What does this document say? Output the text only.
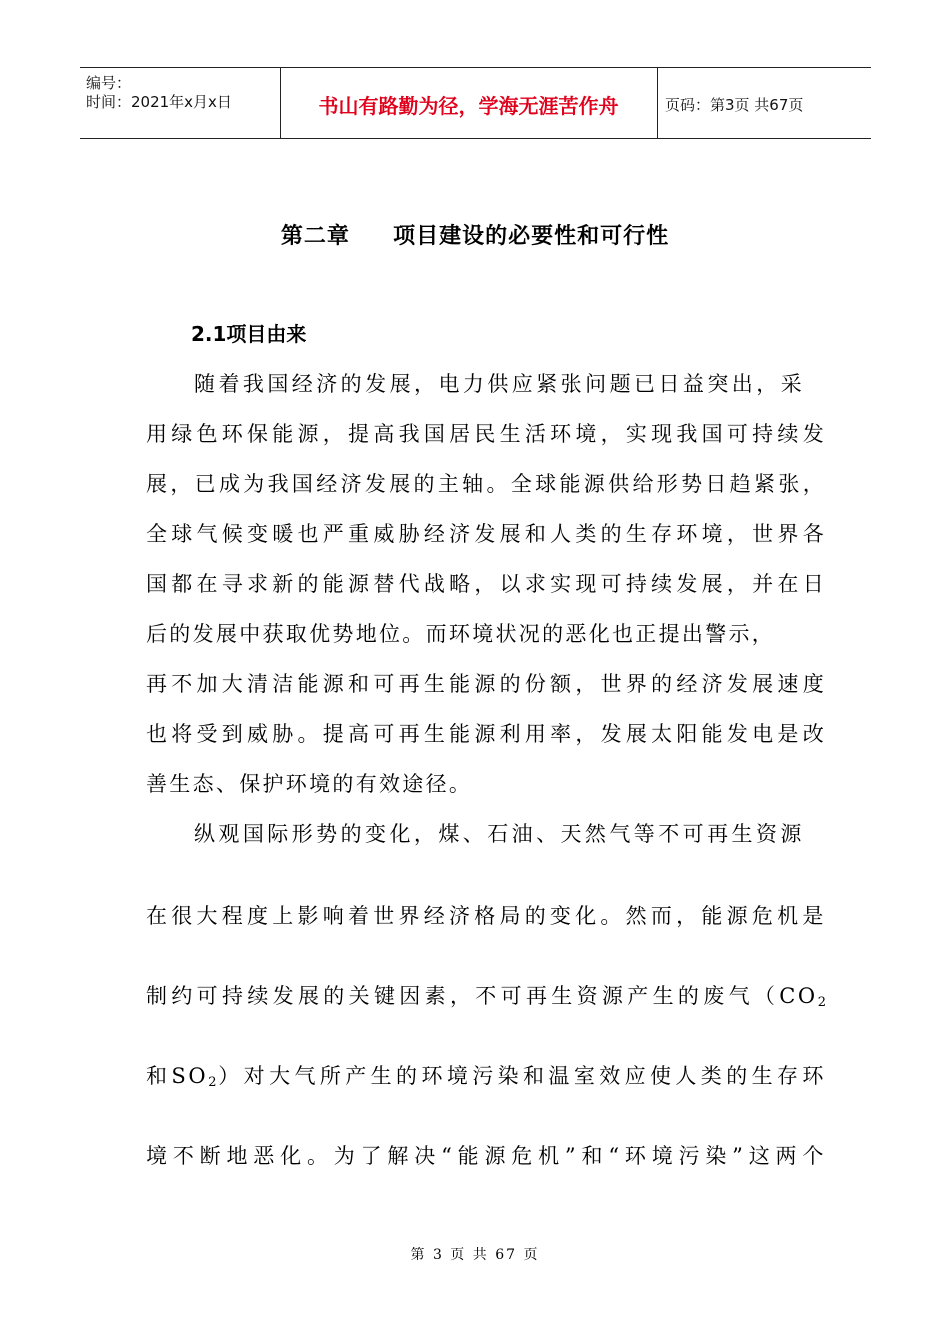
编号：
时间：2021年x月x日	书山有路勤为径，学海无涯苦作舟	页码：第3页 共67页
第二章     项目建设的必要性和可行性
2.1项目由来
随着我国经济的发展，电力供应紧张问题已日益突出，采
用绿色环保能源，提高我国居民生活环境，实现我国可持续发
展，已成为我国经济发展的主轴。全球能源供给形势日趋紧张，
全球气候变暖也严重威胁经济发展和人类的生存环境，世界各
国都在寻求新的能源替代战略，以求实现可持续发展，并在日
后的发展中获取优势地位。而环境状况的恶化也正提出警示，
再不加大清洁能源和可再生能源的份额，世界的经济发展速度
也将受到威胁。提高可再生能源利用率，发展太阳能发电是改
善生态、保护环境的有效途径。
纵观国际形势的变化，煤、石油、天然气等不可再生资源
在很大程度上影响着世界经济格局的变化。然而，能源危机是
制约可持续发展的关键因素，不可再生资源产生的废气（$CO_2$
和$SO_2$）对大气所产生的环境污染和温室效应使人类的生存环
境不断地恶化。为了解决“能源危机”和“环境污染”这两个
第 3 页 共 67 页
